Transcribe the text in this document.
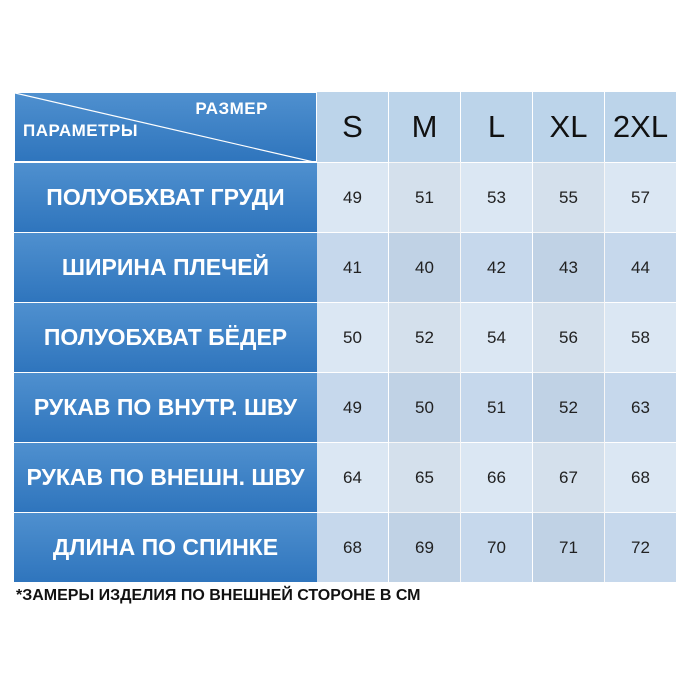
РАЗМЕР
ПАРАМЕТРЫ	S	M	L	XL	2XL
ПОЛУОБХВАТ ГРУДИ	49	51	53	55	57
ШИРИНА ПЛЕЧЕЙ	41	40	42	43	44
ПОЛУОБХВАТ БЁДЕР	50	52	54	56	58
РУКАВ ПО ВНУТР. ШВУ	49	50	51	52	63
РУКАВ ПО ВНЕШН. ШВУ	64	65	66	67	68
ДЛИНА ПО СПИНКЕ	68	69	70	71	72
*ЗАМЕРЫ ИЗДЕЛИЯ ПО ВНЕШНЕЙ СТОРОНЕ В СМ
